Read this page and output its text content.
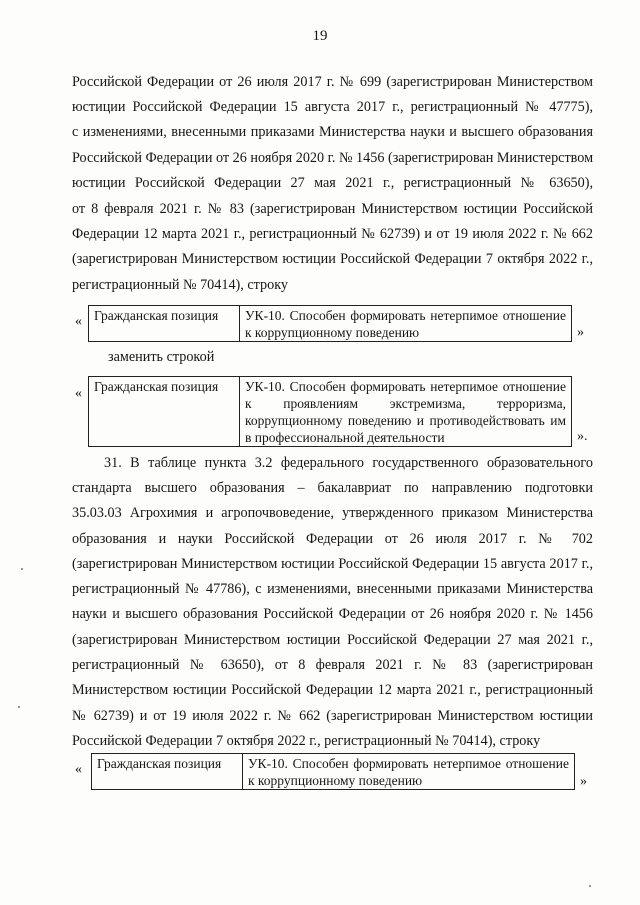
19
Российской Федерации от 26 июля 2017 г. № 699 (зарегистрирован Министерством
юстиции Российской Федерации 15 августа 2017 г., регистрационный № 47775),
с изменениями, внесенными приказами Министерства науки и высшего образования
Российской Федерации от 26 ноября 2020 г. № 1456 (зарегистрирован Министерством
юстиции Российской Федерации 27 мая 2021 г., регистрационный № 63650),
от 8 февраля 2021 г. № 83 (зарегистрирован Министерством юстиции Российской
Федерации 12 марта 2021 г., регистрационный № 62739) и от 19 июля 2022 г. № 662
(зарегистрирован Министерством юстиции Российской Федерации 7 октября 2022 г.,
регистрационный № 70414), строку
« Гражданская позиция	УК-10. Способен формировать нетерпимое отношение к коррупционному поведению	»
заменить строкой
« Гражданская позиция	УК-10. Способен формировать нетерпимое отношение к проявлениям экстремизма, терроризма, коррупционному поведению и противодействовать им в профессиональной деятельности	».
31. В таблице пункта 3.2 федерального государственного образовательного
стандарта высшего образования – бакалавриат по направлению подготовки
35.03.03 Агрохимия и агропочвоведение, утвержденного приказом Министерства
образования и науки Российской Федерации от 26 июля 2017 г. № 702
(зарегистрирован Министерством юстиции Российской Федерации 15 августа 2017 г.,
регистрационный № 47786), с изменениями, внесенными приказами Министерства
науки и высшего образования Российской Федерации от 26 ноября 2020 г. № 1456
(зарегистрирован Министерством юстиции Российской Федерации 27 мая 2021 г.,
регистрационный № 63650), от 8 февраля 2021 г. № 83 (зарегистрирован
Министерством юстиции Российской Федерации 12 марта 2021 г., регистрационный
№ 62739) и от 19 июля 2022 г. № 662 (зарегистрирован Министерством юстиции
Российской Федерации 7 октября 2022 г., регистрационный № 70414), строку
« Гражданская позиция	УК-10. Способен формировать нетерпимое отношение к коррупционному поведению	»
